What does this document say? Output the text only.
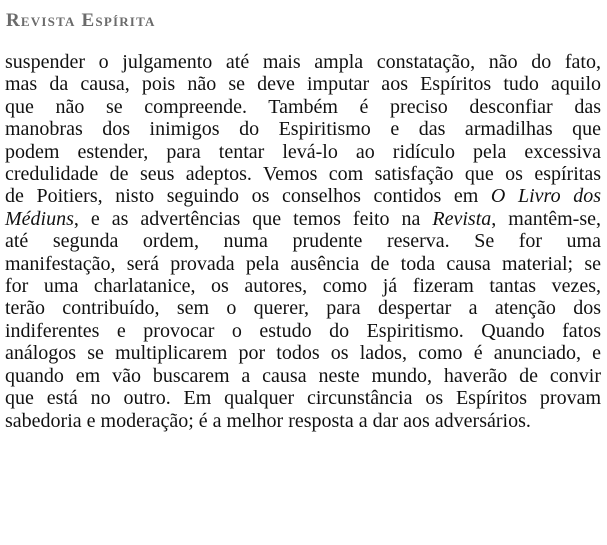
Revista Espírita
suspender o julgamento até mais ampla constatação, não do fato,
mas da causa, pois não se deve imputar aos Espíritos tudo aquilo
que não se compreende. Também é preciso desconfiar das
manobras dos inimigos do Espiritismo e das armadilhas que
podem estender, para tentar levá-lo ao ridículo pela excessiva
credulidade de seus adeptos. Vemos com satisfação que os espíritas
de Poitiers, nisto seguindo os conselhos contidos em O Livro dos
Médiuns, e as advertências que temos feito na Revista, mantêm-se,
até segunda ordem, numa prudente reserva. Se for uma
manifestação, será provada pela ausência de toda causa material; se
for uma charlatanice, os autores, como já fizeram tantas vezes,
terão contribuído, sem o querer, para despertar a atenção dos
indiferentes e provocar o estudo do Espiritismo. Quando fatos
análogos se multiplicarem por todos os lados, como é anunciado, e
quando em vão buscarem a causa neste mundo, haverão de convir
que está no outro. Em qualquer circunstância os Espíritos provam
sabedoria e moderação; é a melhor resposta a dar aos adversários.
